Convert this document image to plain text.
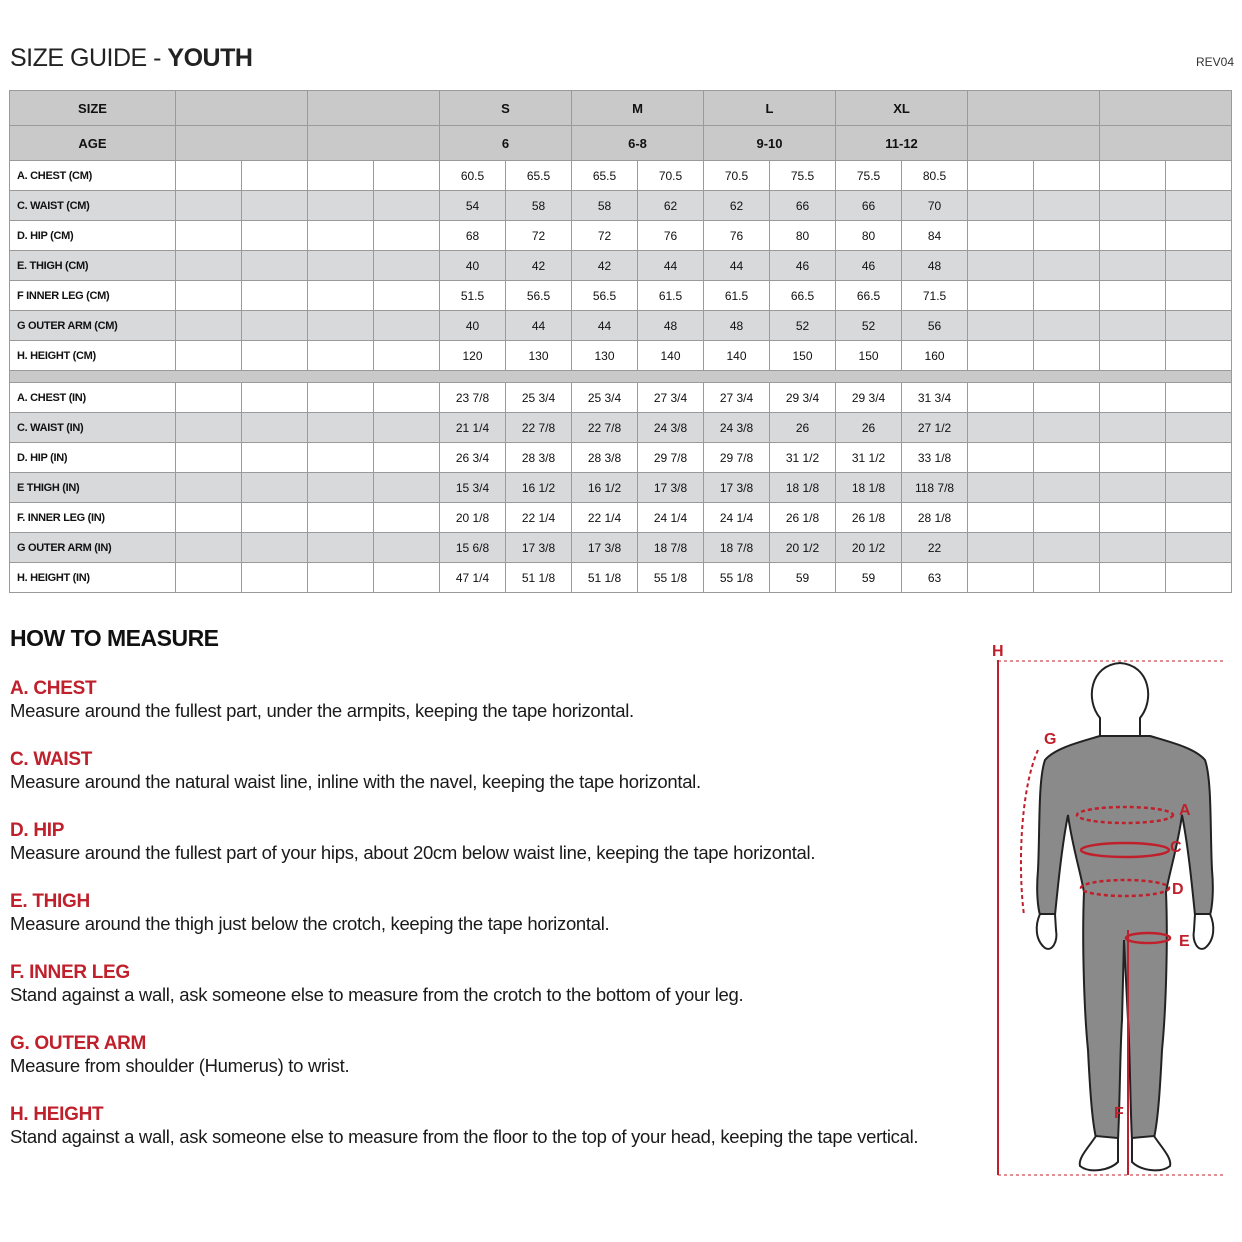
SIZE GUIDE - YOUTH	REV04
SIZE					S		M		L		XL					
AGE					6		6-8		9-10		11-12					
A. CHEST (CM)					60.5	65.5	65.5	70.5	70.5	75.5	75.5	80.5				
C. WAIST (CM)					54	58	58	62	62	66	66	70				
D. HIP (CM)					68	72	72	76	76	80	80	84				
E. THIGH (CM)					40	42	42	44	44	46	46	48				
F INNER LEG (CM)					51.5	56.5	56.5	61.5	61.5	66.5	66.5	71.5				
G OUTER ARM (CM)					40	44	44	48	48	52	52	56				
H. HEIGHT (CM)					120	130	130	140	140	150	150	160				

A. CHEST (IN)					23 7/8	25 3/4	25 3/4	27 3/4	27 3/4	29 3/4	29 3/4	31 3/4				
C. WAIST (IN)					21 1/4	22 7/8	22 7/8	24 3/8	24 3/8	26	26	27 1/2				
D. HIP (IN)					26 3/4	28 3/8	28 3/8	29 7/8	29 7/8	31 1/2	31 1/2	33 1/8				
E THIGH (IN)					15 3/4	16 1/2	16 1/2	17 3/8	17 3/8	18 1/8	18 1/8	118 7/8				
F. INNER LEG (IN)					20 1/8	22 1/4	22 1/4	24 1/4	24 1/4	26 1/8	26 1/8	28 1/8				
G OUTER ARM (IN)					15 6/8	17 3/8	17 3/8	18 7/8	18 7/8	20 1/2	20 1/2	22				
H. HEIGHT (IN)					47 1/4	51 1/8	51 1/8	55 1/8	55 1/8	59	59	63				
HOW TO MEASURE
A. CHEST
Measure around the fullest part, under the armpits, keeping the tape horizontal.
C. WAIST
Measure around the natural waist line, inline with the navel, keeping the tape horizontal.
D. HIP
Measure around the fullest part of your hips, about 20cm below waist line, keeping the tape horizontal.
E. THIGH
Measure around the thigh just below the crotch, keeping the tape horizontal.
F. INNER LEG
Stand against a wall, ask someone else to measure from the crotch to the bottom of your leg.
G. OUTER ARM
Measure from shoulder (Humerus) to wrist.
H. HEIGHT
Stand against a wall, ask someone else to measure from the floor to the top of your head, keeping the tape vertical.
H
G
A
C
D
E
F
